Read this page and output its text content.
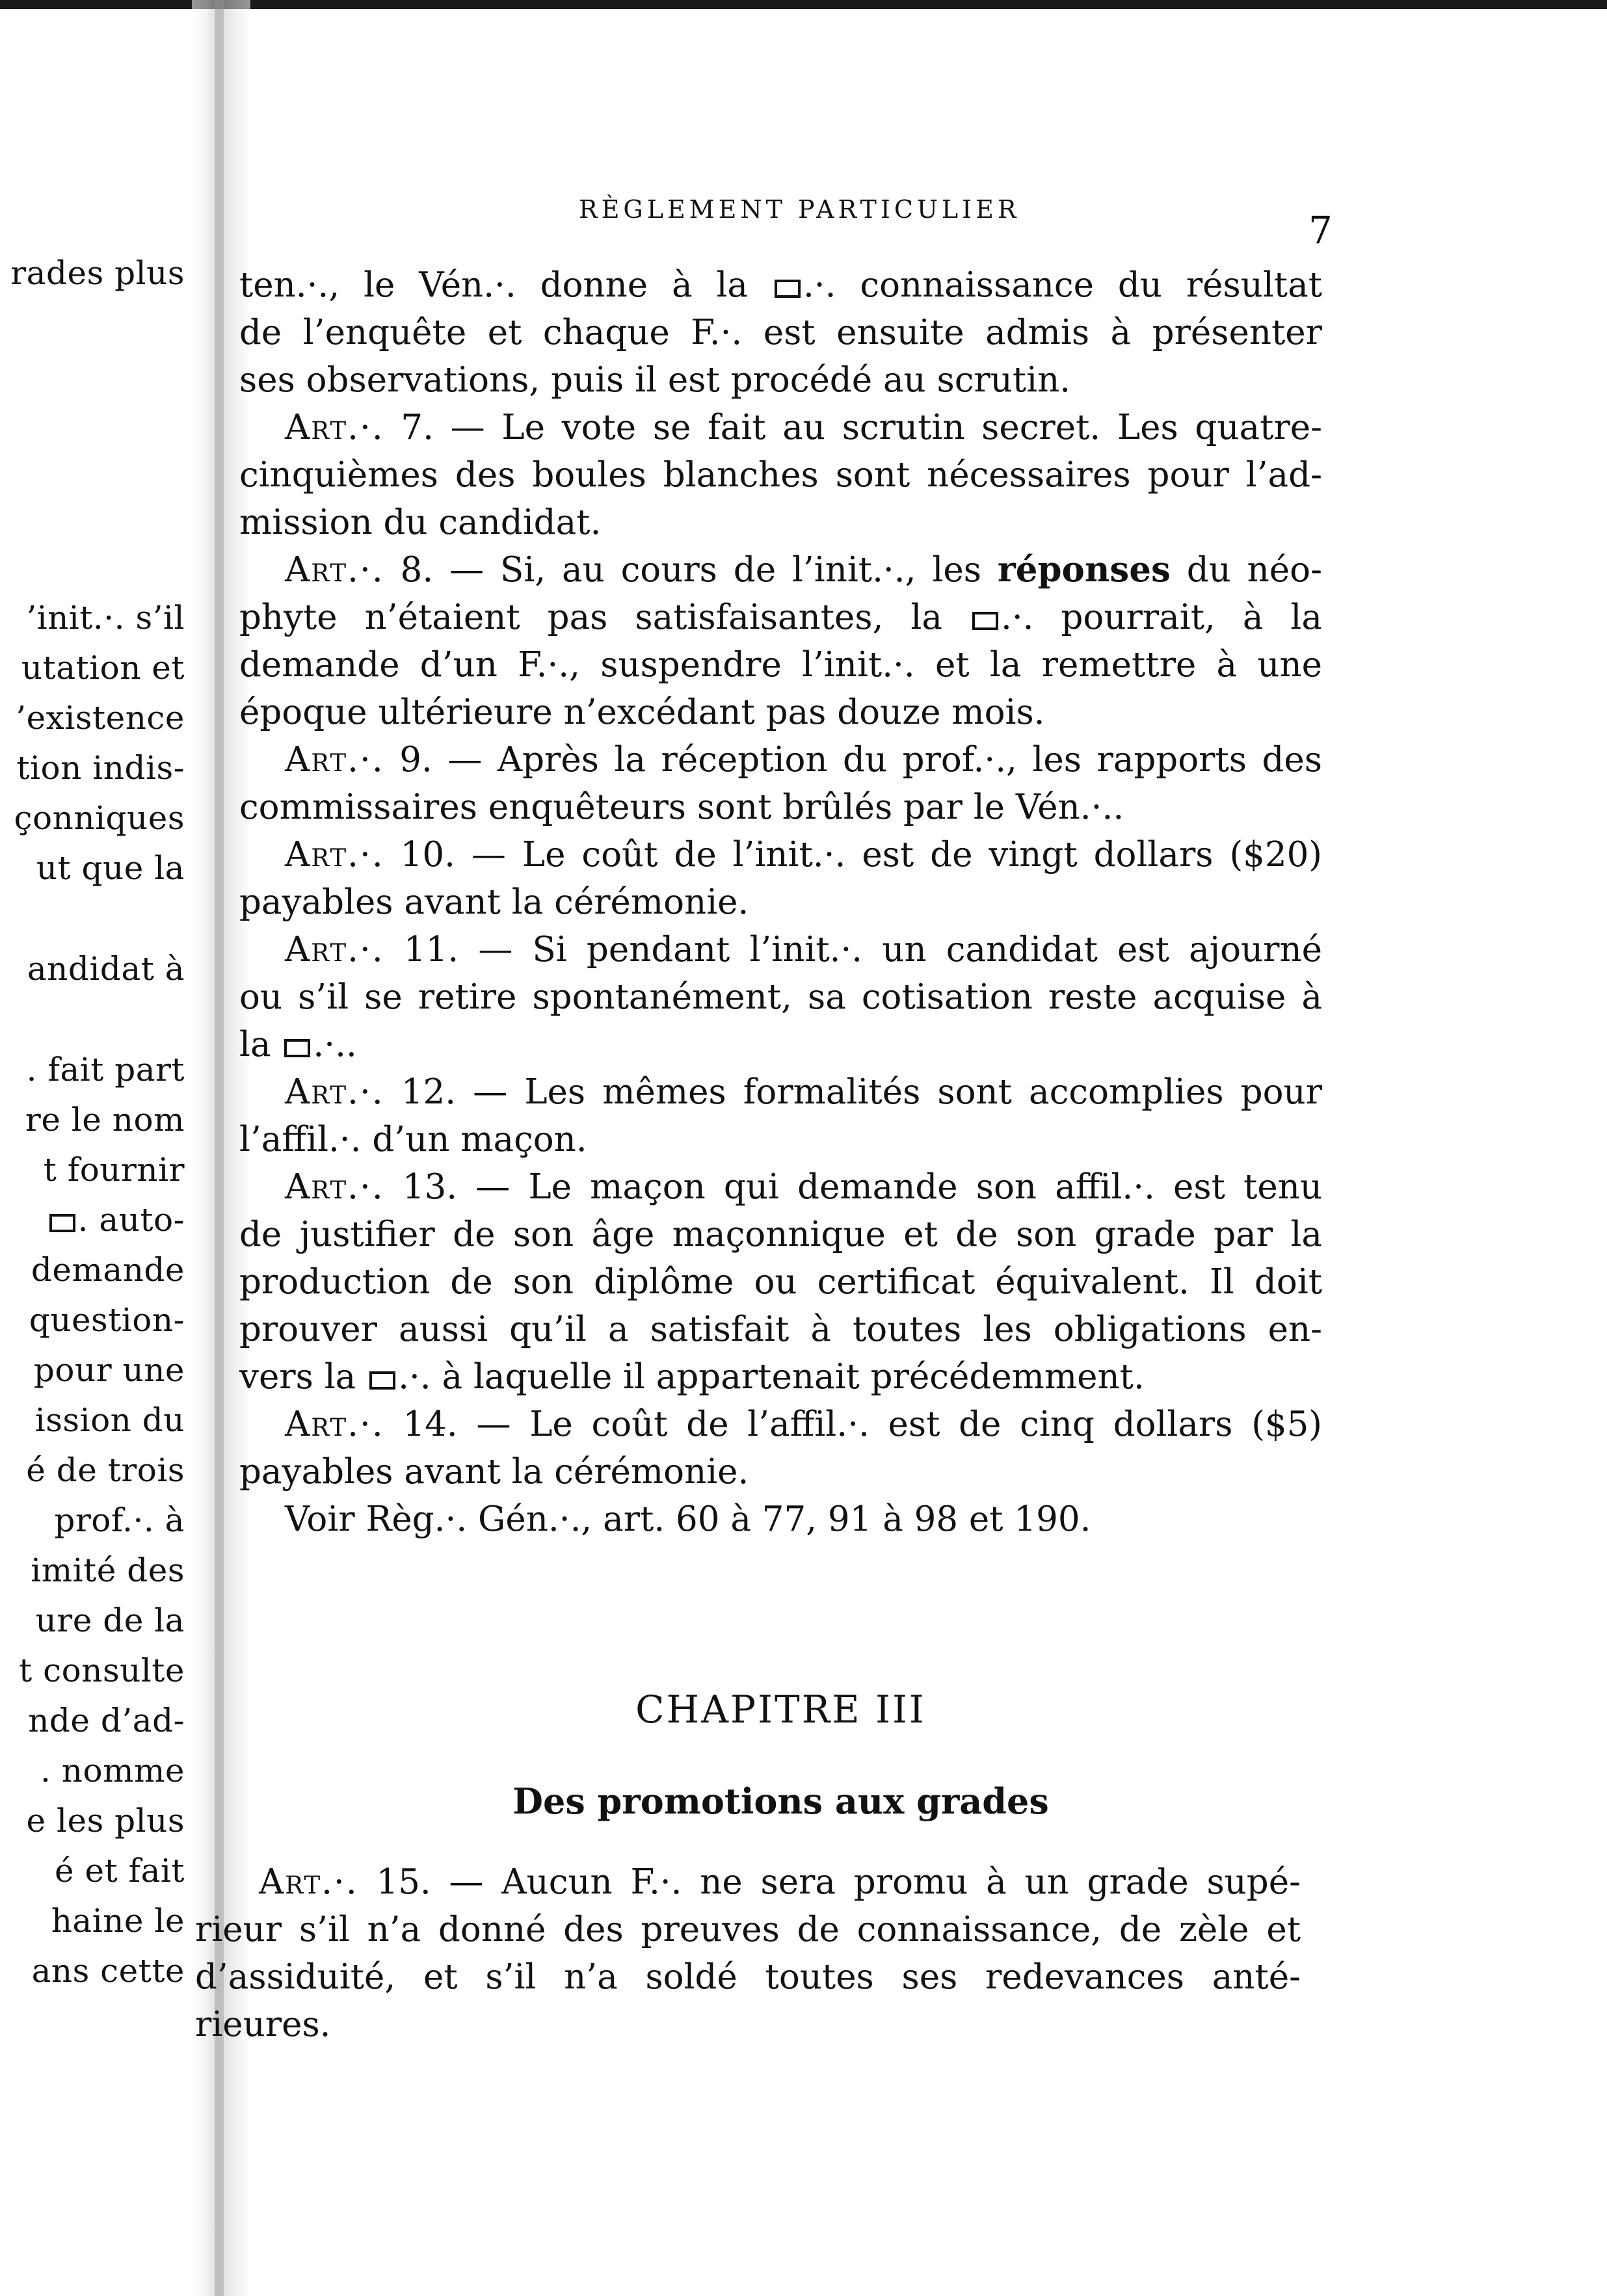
rades plus
’init.·. s’il
utation et
’existence
tion indis-
çonniques
ut que la
andidat à
. fait part
re le nom
t fournir
. auto-
demande
question-
pour une
ission du
é de trois
prof.·. à
imité des
ure de la
t consulte
nde d’ad-
. nomme
e les plus
é et fait
haine le
ans cette
RÈGLEMENT PARTICULIER	7
ten.·., le Vén.·. donne à la .·. connaissance du résultat
de l’enquête et chaque F.·. est ensuite admis à présenter
ses observations, puis il est procédé au scrutin.
Art.·. 7. — Le vote se fait au scrutin secret. Les quatre-
cinquièmes des boules blanches sont nécessaires pour l’ad-
mission du candidat.
Art.·. 8. — Si, au cours de l’init.·., les réponses du néo-
phyte n’étaient pas satisfaisantes, la .·. pourrait, à la
demande d’un F.·., suspendre l’init.·. et la remettre à une
époque ultérieure n’excédant pas douze mois.
Art.·. 9. — Après la réception du prof.·., les rapports des
commissaires enquêteurs sont brûlés par le Vén.·..
Art.·. 10. — Le coût de l’init.·. est de vingt dollars ($20)
payables avant la cérémonie.
Art.·. 11. — Si pendant l’init.·. un candidat est ajourné
ou s’il se retire spontanément, sa cotisation reste acquise à
la .·..
Art.·. 12. — Les mêmes formalités sont accomplies pour
l’affil.·. d’un maçon.
Art.·. 13. — Le maçon qui demande son affil.·. est tenu
de justifier de son âge maçonnique et de son grade par la
production de son diplôme ou certificat équivalent. Il doit
prouver aussi qu’il a satisfait à toutes les obligations en-
vers la .·. à laquelle il appartenait précédemment.
Art.·. 14. — Le coût de l’affil.·. est de cinq dollars ($5)
payables avant la cérémonie.
Voir Règ.·. Gén.·., art. 60 à 77, 91 à 98 et 190.
CHAPITRE III
Des promotions aux grades
Art.·. 15. — Aucun F.·. ne sera promu à un grade supé-
rieur s’il n’a donné des preuves de connaissance, de zèle et
d’assiduité, et s’il n’a soldé toutes ses redevances anté-
rieures.
